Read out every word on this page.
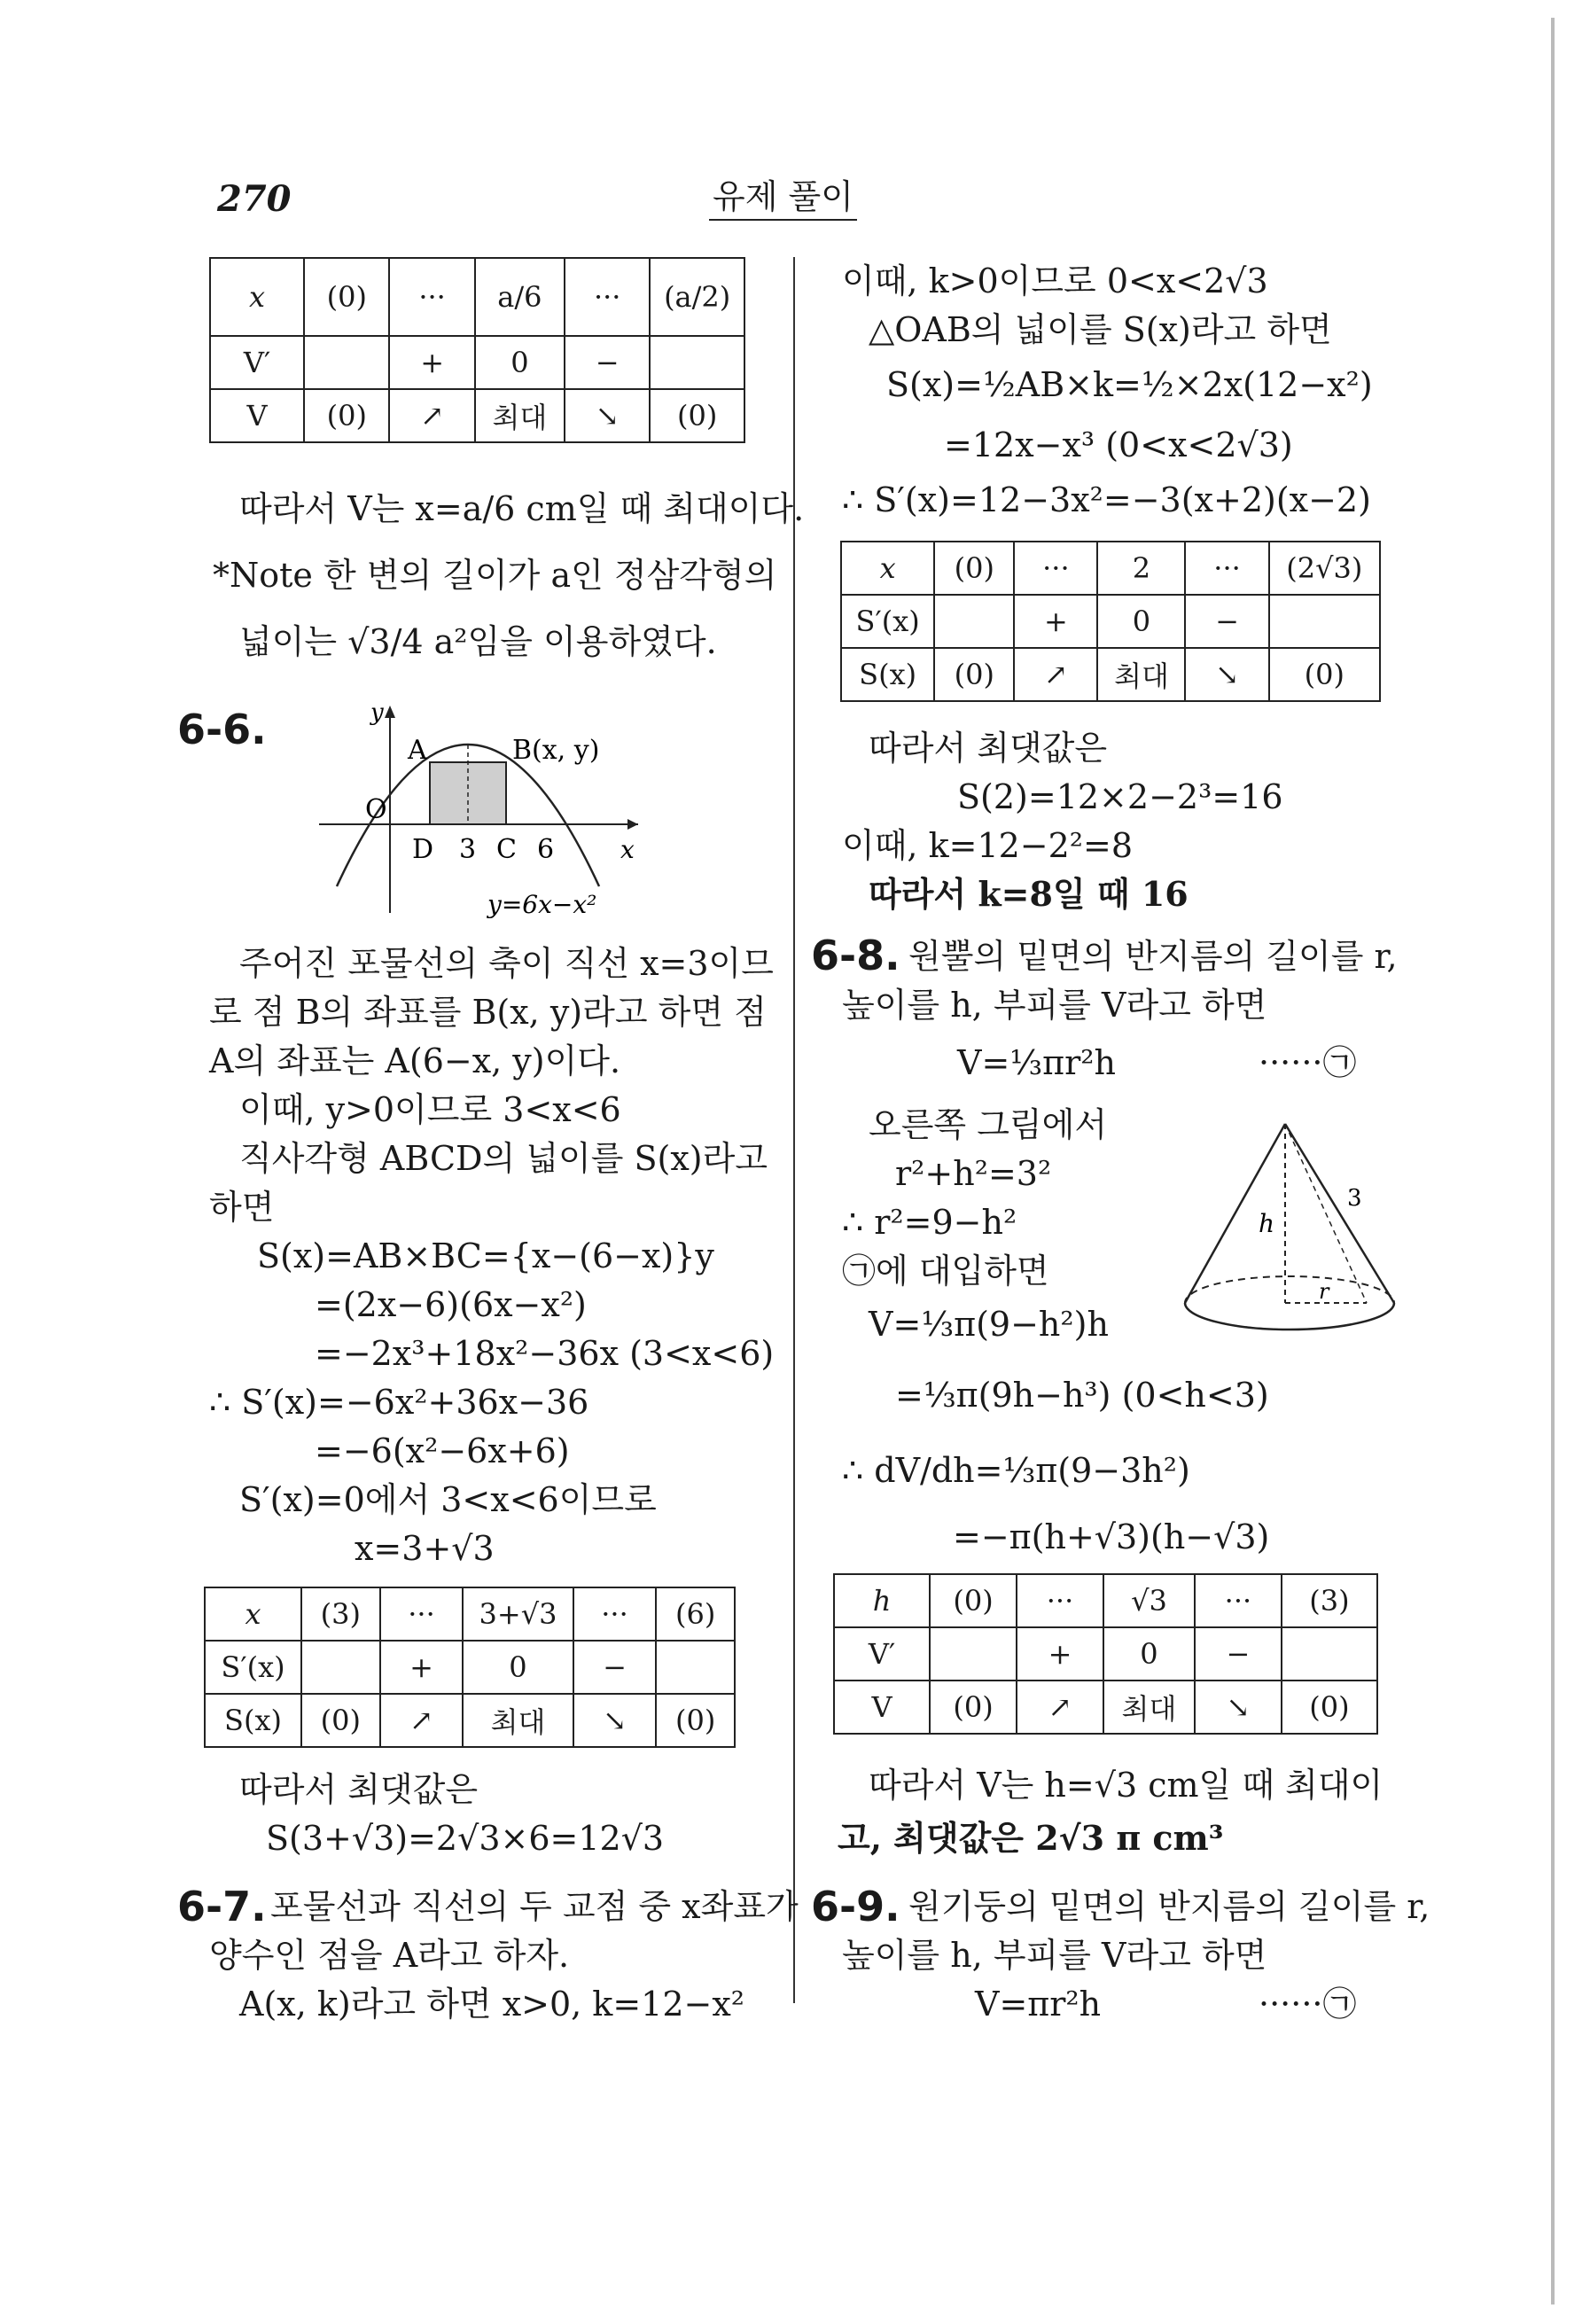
270	유제 풀이
x	(0)	···	a/6	···	(a/2)
V′		+	0	−	
V	(0)	↗	최대	↘	(0)
따라서 V는 x=a/6 cm일 때 최대이다.
*Note 한 변의 길이가 a인 정삼각형의
넓이는 √3/4 a²임을 이용하였다.
6-6.	y
A	B(x, y)
O
D 3 C 6	x
y=6x−x²
주어진 포물선의 축이 직선 x=3이므
로 점 B의 좌표를 B(x, y)라고 하면 점
A의 좌표는 A(6−x, y)이다.
이때, y>0이므로 3<x<6
직사각형 ABCD의 넓이를 S(x)라고
하면
S(x)=AB×BC={x−(6−x)}y
=(2x−6)(6x−x²)
=−2x³+18x²−36x (3<x<6)
∴ S′(x)=−6x²+36x−36
=−6(x²−6x+6)
S′(x)=0에서 3<x<6이므로
x=3+√3
x	(3)	···	3+√3	···	(6)
S′(x)		+	0	−	
S(x)	(0)	↗	최대	↘	(0)
따라서 최댓값은
S(3+√3)=2√3×6=12√3
6-7. 포물선과 직선의 두 교점 중 x좌표가
양수인 점을 A라고 하자.
A(x, k)라고 하면 x>0, k=12−x²
이때, k>0이므로 0<x<2√3
△OAB의 넓이를 S(x)라고 하면
S(x)=½AB×k=½×2x(12−x²)
=12x−x³ (0<x<2√3)
∴ S′(x)=12−3x²=−3(x+2)(x−2)
x	(0)	···	2	···	(2√3)
S′(x)		+	0	−	
S(x)	(0)	↗	최대	↘	(0)
따라서 최댓값은
S(2)=12×2−2³=16
이때, k=12−2²=8
따라서 k=8일 때 16
6-8. 원뿔의 밑면의 반지름의 길이를 r,
높이를 h, 부피를 V라고 하면
V=⅓πr²h	······㉠
오른쪽 그림에서
r²+h²=3²
∴ r²=9−h²
㉠에 대입하면
V=⅓π(9−h²)h
=⅓π(9h−h³) (0<h<3)
∴ dV/dh=⅓π(9−3h²)
=−π(h+√3)(h−√3)
h
r
3
h	(0)	···	√3	···	(3)
V′		+	0	−	
V	(0)	↗	최대	↘	(0)
따라서 V는 h=√3 cm일 때 최대이
고, 최댓값은 2√3 π cm³
6-9. 원기둥의 밑면의 반지름의 길이를 r,
높이를 h, 부피를 V라고 하면
V=πr²h	······㉠
